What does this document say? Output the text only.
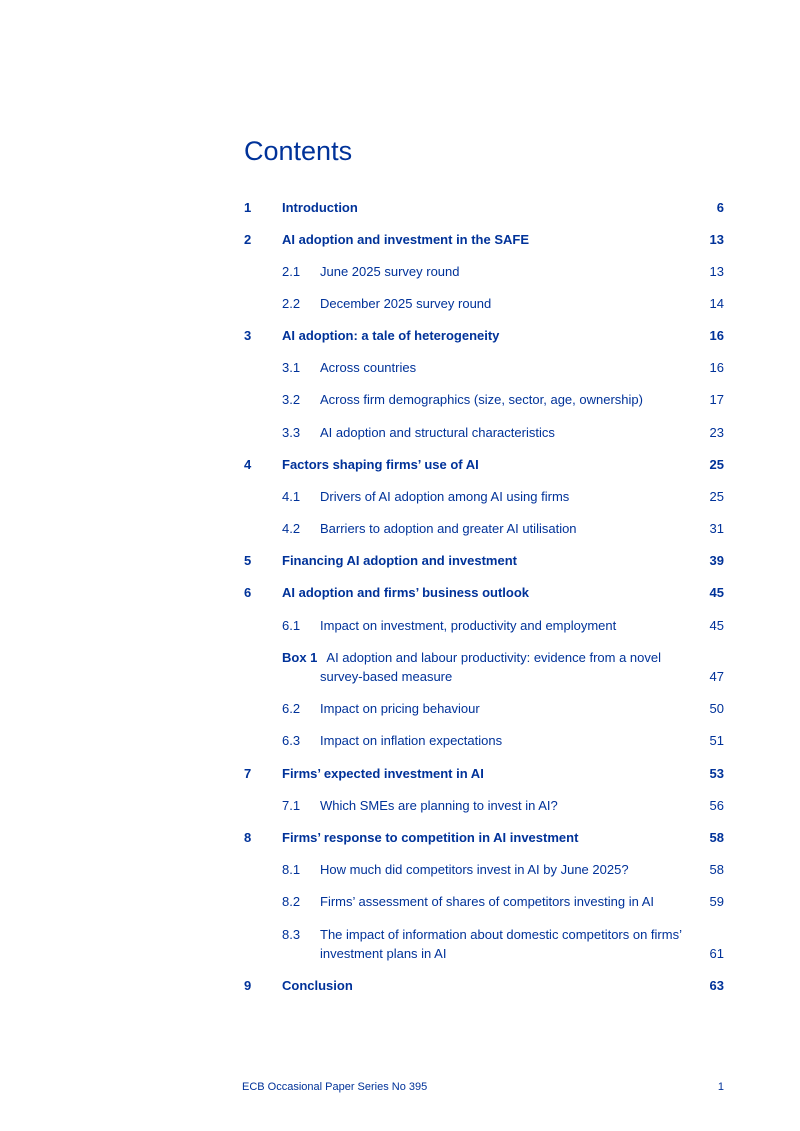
Contents
1 Introduction	6
2 AI adoption and investment in the SAFE	13
2.1 June 2025 survey round	13
2.2 December 2025 survey round	14
3 AI adoption: a tale of heterogeneity	16
3.1 Across countries	16
3.2 Across firm demographics (size, sector, age, ownership)	17
3.3 AI adoption and structural characteristics	23
4 Factors shaping firms’ use of AI	25
4.1 Drivers of AI adoption among AI using firms	25
4.2 Barriers to adoption and greater AI utilisation	31
5 Financing AI adoption and investment	39
6 AI adoption and firms’ business outlook	45
6.1 Impact on investment, productivity and employment	45
Box 1 AI adoption and labour productivity: evidence from a novel
survey-based measure	47
6.2 Impact on pricing behaviour	50
6.3 Impact on inflation expectations	51
7 Firms’ expected investment in AI	53
7.1 Which SMEs are planning to invest in AI?	56
8 Firms’ response to competition in AI investment	58
8.1 How much did competitors invest in AI by June 2025?	58
8.2 Firms’ assessment of shares of competitors investing in AI	59
8.3 The impact of information about domestic competitors on firms’
investment plans in AI	61
9 Conclusion	63
ECB Occasional Paper Series No 395	1
